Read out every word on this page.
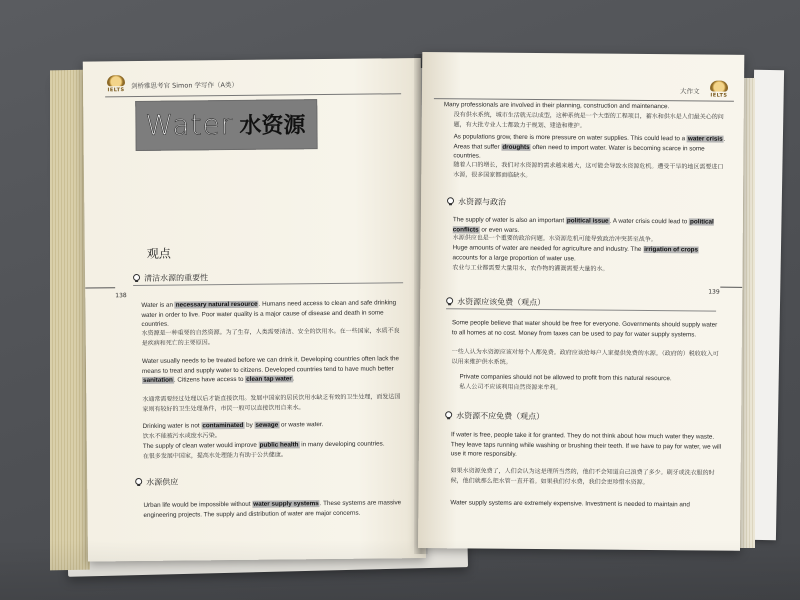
IELTS
剑桥雅思考官 Simon 学写作（A类）
Water 水资源
观点
清洁水源的重要性
138
Water is an necessary natural resource. Humans need access to clean and safe drinking water in order to live. Poor water quality is a major cause of disease and death in some countries.
水资源是一种重要的自然资源。为了生存，人类需要清洁、安全的饮用水。在一些国家，水质不良是疾病和死亡的主要原因。
Water usually needs to be treated before we can drink it. Developing countries often lack the means to treat and supply water to citizens. Developed countries tend to have much better sanitation. Citizens have access to clean tap water.
水通常需要经过处理以后才能直接饮用。发展中国家的居民饮用水缺乏有效的卫生处理，而发达国家则有较好的卫生处理条件，市民一般可以直接饮用自来水。
Drinking water is not contaminated by sewage or waste water.
饮水不能被污水或废水污染。
The supply of clean water would improve public health in many developing countries.
在很多发展中国家，提高水处理能力有助于公共健康。
水源供应
Urban life would be impossible without water supply systems. These systems are massive engineering projects. The supply and distribution of water are major concerns.
IELTS
大作文
Many professionals are involved in their planning, construction and maintenance.
没有供水系统，城市生活就无以成型，这种系统是一个大型的工程项目，蓄水和供水是人们最关心的问题，有大批专业人士都致力于规划、建造和维护。
As populations grow, there is more pressure on water supplies. This could lead to a water crisis. Areas that suffer droughts often need to import water. Water is becoming scarce in some countries.
随着人口的增长，我们对水资源的需求越来越大，这可能会导致水资源危机。遭受干旱的地区需要进口水源，很多国家都面临缺水。
水资源与政治
The supply of water is also an important political issue. A water crisis could lead to political conflicts or even wars.
水源供应也是一个重要的政治问题。水资源危机可能导致政治冲突甚至战争。
Huge amounts of water are needed for agriculture and industry. The irrigation of crops accounts for a large proportion of water use.
农业与工业都需要大量用水，农作物的灌溉需要大量的水。
139
水资源应该免费（观点）
Some people believe that water should be free for everyone. Governments should supply water to all homes at no cost. Money from taxes can be used to pay for water supply systems.
一些人认为水资源应该对每个人都免费。政府应该给每户人家提供免费的水源。（政府的）税收收入可以用来维护供水系统。
Private companies should not be allowed to profit from this natural resource.
私人公司不应该利用自然资源来牟利。
水资源不应免费（观点）
If water is free, people take it for granted. They do not think about how much water they waste. They leave taps running while washing or brushing their teeth. If we have to pay for water, we will use it more responsibly.
如果水资源免费了，人们会认为这是理所当然的，他们不会知道自己浪费了多少。刷牙或洗衣服的时候，他们就那么把水管一直开着。如果我们付水费，我们会更珍惜水资源。
Water supply systems are extremely expensive. Investment is needed to maintain and
